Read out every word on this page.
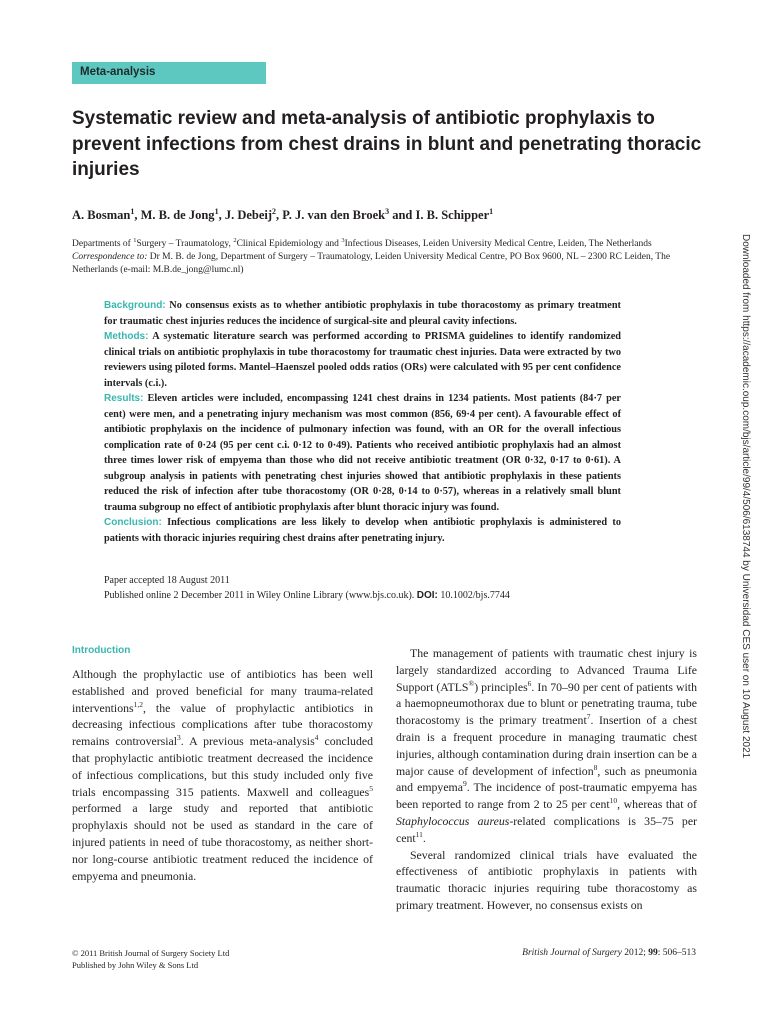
Meta-analysis
Systematic review and meta-analysis of antibiotic prophylaxis to prevent infections from chest drains in blunt and penetrating thoracic injuries
A. Bosman$^1$, M. B. de Jong$^1$, J. Debeij$^2$, P. J. van den Broek$^3$ and I. B. Schipper$^1$
Departments of $^1$Surgery – Traumatology, $^2$Clinical Epidemiology and $^3$Infectious Diseases, Leiden University Medical Centre, Leiden, The Netherlands
Correspondence to: Dr M. B. de Jong, Department of Surgery – Traumatology, Leiden University Medical Centre, PO Box 9600, NL – 2300 RC Leiden, The Netherlands (e-mail: M.B.de_jong@lumc.nl)

Background: No consensus exists as to whether antibiotic prophylaxis in tube thoracostomy as primary treatment for traumatic chest injuries reduces the incidence of surgical-site and pleural cavity infections.

Methods: A systematic literature search was performed according to PRISMA guidelines to identify randomized clinical trials on antibiotic prophylaxis in tube thoracostomy for traumatic chest injuries. Data were extracted by two reviewers using piloted forms. Mantel–Haenszel pooled odds ratios (ORs) were calculated with 95 per cent confidence intervals (c.i.).

Results: Eleven articles were included, encompassing 1241 chest drains in 1234 patients. Most patients (84·7 per cent) were men, and a penetrating injury mechanism was most common (856, 69·4 per cent). A favourable effect of antibiotic prophylaxis on the incidence of pulmonary infection was found, with an OR for the overall infectious complication rate of 0·24 (95 per cent c.i. 0·12 to 0·49). Patients who received antibiotic prophylaxis had an almost three times lower risk of empyema than those who did not receive antibiotic treatment (OR 0·32, 0·17 to 0·61). A subgroup analysis in patients with penetrating chest injuries showed that antibiotic prophylaxis in these patients reduced the risk of infection after tube thoracostomy (OR 0·28, 0·14 to 0·57), whereas in a relatively small blunt trauma subgroup no effect of antibiotic prophylaxis after blunt thoracic injury was found.

Conclusion: Infectious complications are less likely to develop when antibiotic prophylaxis is administered to patients with thoracic injuries requiring chest drains after penetrating injury.

Paper accepted 18 August 2011
Published online 2 December 2011 in Wiley Online Library (www.bjs.co.uk). DOI: 10.1002/bjs.7744
Introduction

Although the prophylactic use of antibiotics has been well established and proved beneficial for many trauma-related interventions$^{1,2}$, the value of prophylactic antibiotics in decreasing infectious complications after tube thoracostomy remains controversial$^3$. A previous meta-analysis$^4$ concluded that prophylactic antibiotic treatment decreased the incidence of infectious complications, but this study included only five trials encompassing 315 patients. Maxwell and colleagues$^5$ performed a large study and reported that antibiotic prophylaxis should not be used as standard in the care of injured patients in need of tube thoracostomy, as neither short- nor long-course antibiotic treatment reduced the incidence of empyema and pneumonia.

The management of patients with traumatic chest injury is largely standardized according to Advanced Trauma Life Support (ATLS®) principles$^6$. In 70–90 per cent of patients with a haemopneumothorax due to blunt or penetrating trauma, tube thoracostomy is the primary treatment$^7$. Insertion of a chest drain is a frequent procedure in managing traumatic chest injuries, although contamination during drain insertion can be a major cause of development of infection$^8$, such as pneumonia and empyema$^9$. The incidence of post-traumatic empyema has been reported to range from 2 to 25 per cent$^{10}$, whereas that of Staphylococcus aureus-related complications is 35–75 per cent$^{11}$.

Several randomized clinical trials have evaluated the effectiveness of antibiotic prophylaxis in patients with traumatic thoracic injuries requiring tube thoracostomy as primary treatment. However, no consensus exists on

© 2011 British Journal of Surgery Society Ltd
Published by John Wiley & Sons Ltd
British Journal of Surgery 2012; 99: 506–513
Downloaded from https://academic.oup.com/bjs/article/99/4/506/6138744 by Universidad CES user on 10 August 2021
